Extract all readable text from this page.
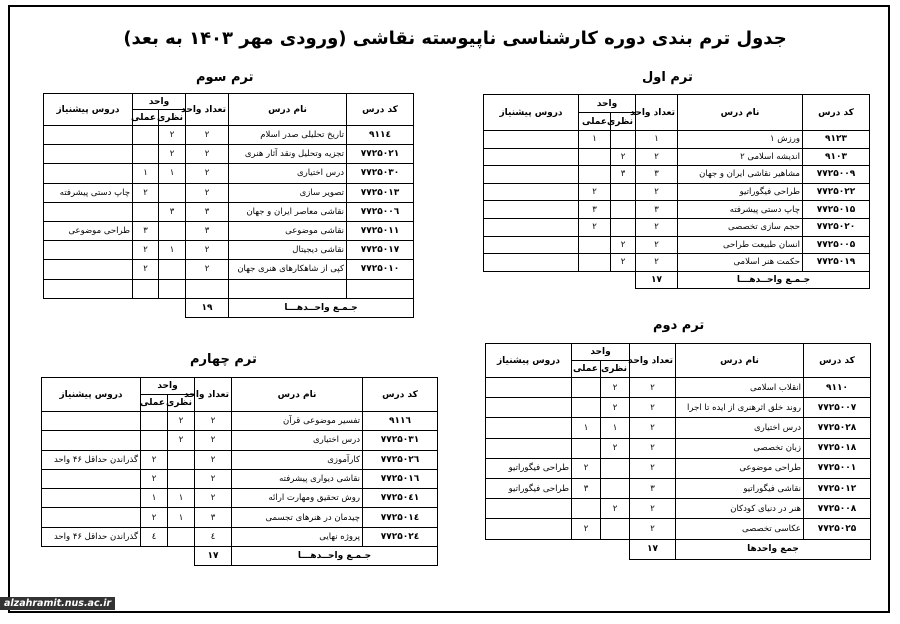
جدول ترم بندی دوره کارشناسی ناپیوسته نقاشی (ورودی مهر ۱۴۰۳ به بعد)
ترم اول
ترم دوم
ترم سوم
ترم چهارم
کد درس	نام درس	تعداد واحد	واحد		دروس پیشنیاز
			نظری	عملی	
۹۱۲۳	ورزش ۱	۱		۱	
۹۱۰۳	اندیشه اسلامی ۲	۲	۲		
۷۷۲۵۰۰۹	مشاهیر نقاشی ایران و جهان	۳	۳		
۷۷۲۵۰۲۲	طراحی فیگوراتیو	۲		۲	
۷۷۲۵۰۱۵	چاپ دستی پیشرفته	۳		۳	
۷۷۲۵۰۲۰	حجم سازی تخصصی	۲		۲	
۷۷۲۵۰۰۵	انسان طبیعت طراحی	۲	۲		
۷۷۲۵۰۱۹	حکمت هنر اسلامی	۲	۲		
جـمـع واحــدهـــا		۱۷			
کد درس	نام درس	تعداد واحد	واحد		دروس پیشنیاز
			نظری	عملی	
۹۱۱۰	انقلاب اسلامی	۲	۲		
۷۷۲۵۰۰۷	روند خلق اثرهنری از ایده تا اجرا	۲	۲		
۷۷۲۵۰۲۸	درس اختیاری	۲	۱	۱	
۷۷۲۵۰۱۸	زبان تخصصی	۲	۲		
۷۷۲۵۰۰۱	طراحی موضوعی	۲		۲	طراحی فیگوراتیو
۷۷۲۵۰۱۲	نقاشی فیگوراتیو	۳		۳	طراحی فیگوراتیو
۷۷۲۵۰۰۸	هنر در دنیای کودکان	۲	۲		
۷۷۲۵۰۲۵	عکاسی تخصصی	۲		۲	
جمع واحدها		۱۷			
کد درس	نام درس	تعداد واحد	واحد		دروس پیشنیاز
			نظری	عملی	
۹۱۱٤	تاریخ تحلیلی صدر اسلام	۲	۲		
۷۷۲۵۰۲۱	تجزیه وتحلیل ونقد آثار هنری	۲	۲		
۷۷۲۵۰۳۰	درس اختیاری	۲	۱	۱	
۷۷۲۵۰۱۳	تصویر سازی	۲		۲	چاپ دستی پیشرفته
۷۷۲۵۰۰٦	نقاشی معاصر ایران و جهان	۳	۳		
۷۷۲۵۰۱۱	نقاشی موضوعی	۳		۳	طراحی موضوعی
۷۷۲۵۰۱۷	نقاشی دیجیتال	۲	۱	۲	
۷۷۲۵۰۱۰	کپی از شاهکارهای هنری جهان	۲		۲	

جـمـع واحــدهـــا		۱۹			
کد درس	نام درس	تعداد واحد	واحد		دروس پیشنیاز
			نظری	عملی	
۹۱۱٦	تفسیر موضوعی قرآن	۲	۲		
۷۷۲۵۰۳۱	درس اختیاری	۲	۲		
۷۷۲۵۰۲٦	کارآموزی	۲		۲	گذراندن حداقل ۴۶ واحد
۷۷۲۵۰۱٦	نقاشی دیواری پیشرفته	۲		۲	
۷۷۲۵۰٤۱	روش تحقیق ومهارت ارائه	۲	۱	۱	
۷۷۲۵۰۱٤	چیدمان در هنرهای تجسمی	۳	۱	۲	
۷۷۲۵۰۲٤	پروژه نهایی	٤		٤	گذراندن حداقل ۴۶ واحد
جـمـع واحــدهـــا		۱۷			
alzahramit.nus.ac.ir
